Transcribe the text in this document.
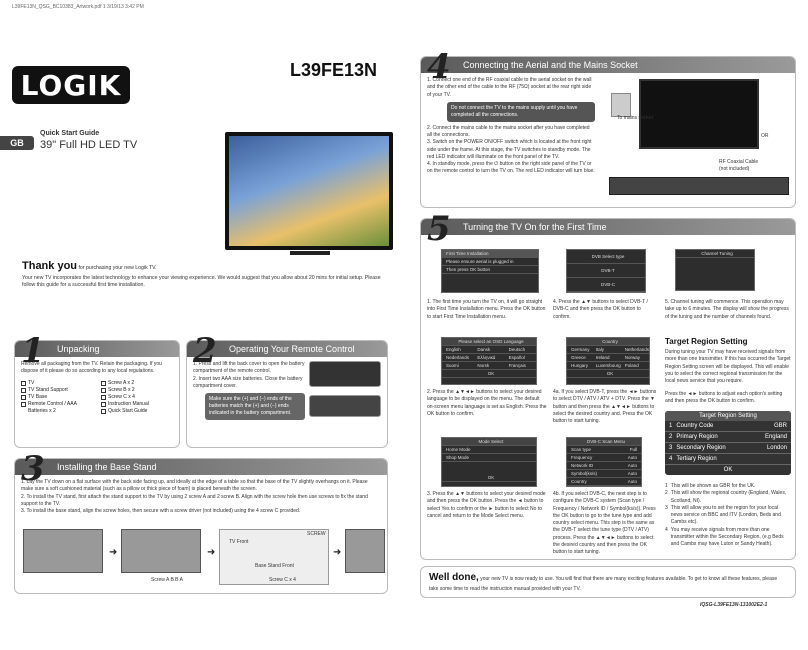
L39FE13N_QSG_BC10383_Artwork.pdf 1 3/19/13 3:42 PM
LOGIK	L39FE13N
GB
Quick Start Guide
39" Full HD LED TV
Thank you for purchasing your new Logik TV.
Your new TV incorporates the latest technology to enhance your viewing experience. We would suggest that you allow about 20 mins for initial setup. Please follow this guide for a successful first time installation.
Unpacking
1
Remove all packaging from the TV. Retain the packaging. If you dispose of it please do so according to any local regulations.
TV
TV Stand Support
TV Base
Remote Control / AAA Batteries x 2
Screw A x 2
Screw B x 2
Screw C x 4
Instruction Manual
Quick Start Guide
Operating Your Remote Control
2
1. Press and lift the back cover to open the battery compartment of the remote control.
2. Insert two AAA size batteries. Close the battery compartment cover.
Make sure the (+) and (−) ends of the batteries match the (+) and (−) ends indicated in the battery compartment.
Installing the Base Stand
3
1. Lay the TV down on a flat surface with the back side facing up, and ideally at the edge of a table so that the base of the TV slightly overhangs on it. Please make sure a soft cushioned material (such as a pillow or thick piece of foam) is placed beneath the screen.
2. To install the TV stand, first attach the stand support to the TV by using 2 screw A and 2 screw B. Align with the screw hole then use screws to fix the stand support to the TV.
3. To install the base stand, align the screw holes, then secure with a screw driver (not included) using the 4 screw C provided.
➜	➜	➜
Screw A B B A
TV Front
Base Stand Front
Screw C x 4
SCREW
Connecting the Aerial and the Mains Socket
4
1. Connect one end of the RF coaxial cable to the aerial socket on the wall and the other end of the cable to the RF (75Ω) socket at the rear right side of your TV.
Do not connect the TV to the mains supply until you have completed all the connections.
2. Connect the mains cable to the mains socket after you have completed all the connections.
3. Switch on the POWER ON/OFF switch which is located at the front right side under the frame. At this stage, the TV switches to standby mode. The red LED indicator will illuminate on the front panel of the TV.
4. In standby mode, press the ⏻ button on the right side panel of the TV or on the remote control to turn the TV on. The red LED indicator will turn blue.
To mains socket
OR
RF Coaxial Cable (not included)
Turning the TV On for the First Time
5
First Time Installation
Please ensure aerial is plugged in
Then press OK button
DVB Select type
DVB-T
DVB-C
Channel Tuning
1. The first time you turn the TV on, it will go straight into First Time Installation menu. Press the OK button to start First Time Installation menu.
4. Press the ▲▼ buttons to select DVB-T / DVB-C and then press the OK button to confirm.
5. Channel tuning will commence. This operation may take up to 6 minutes. The display will show the progress of the tuning and the number of channels found.
Please select an OSD Language
English	Dansk	Deutsch
Nederlands	Ελληνικά	Español
Suomi	Norsk	Français
OK
Country
Germany	Italy	Netherlands
Greece	Ireland	Norway
Hungary	Luxembourg Poland
OK
2. Press the ▲▼◄► buttons to select your desired language to be displayed on the menu. The default on-screen menu language is set as English. Press the OK button to confirm.
4a. If you select DVB-T, press the ◄► buttons to select DTV / ATV / ATV + DTV. Press the ▼ button and then press the ▲▼◄► buttons to select the desired country and. Press the OK button to start tuning.
Mode Select
Home Mode
Shop Mode
OK
DVB-C Scan Menu
Scan type	Full
Frequency	Auto
Network ID	Auto
Symbol(ks/s)	Auto
Country	Auto
3. Press the ▲▼ buttons to select your desired mode and then press the OK button. Press the ◄ button to select Yes to confirm or the ► button to select No to cancel and return to the Mode Select menu.
4b. If you select DVB-C, the next step is to configure the DVB-C system (Scan type / Frequency / Network ID / Symbol(ks/s)). Press the OK button to go to the tune type and add country select menu. This step is the same as the DVB-T select the tune type (DTV / ATV) process. Press the ▲▼◄► buttons to select the desired country and then press the OK button to start tuning.
Target Region Setting
During tuning your TV may have received signals from more than one transmitter. If this has occurred the Target Region Setting screen will be displayed. This will enable you to select the correct regional transmission for the local news service that you require.
Press the ◄► buttons to adjust each option's setting and then press the OK button to confirm.
Target Region Setting
1 Country Code	GBR
2 Primary Region	England
3 Secondary Region	London
4 Tertiary Region
OK
1 This will be shown as GBR for the UK.
2 This will show the regional country (England, Wales, Scotland, NI).
3 This will allow you to set the region for your local news service on BBC and ITV (London, Beds and Cambs etc).
4 You may receive signals from more than one transmitter within the Secondary Region, (e.g Beds and Cambs may have Luton or Sandy Heath).
Well done, your new TV is now ready to use. You will find that there are many exciting features available. To get to know all these features, please take some time to read the instruction manual provided with your TV.
IQSG-L39FE13N-131002E2-1
